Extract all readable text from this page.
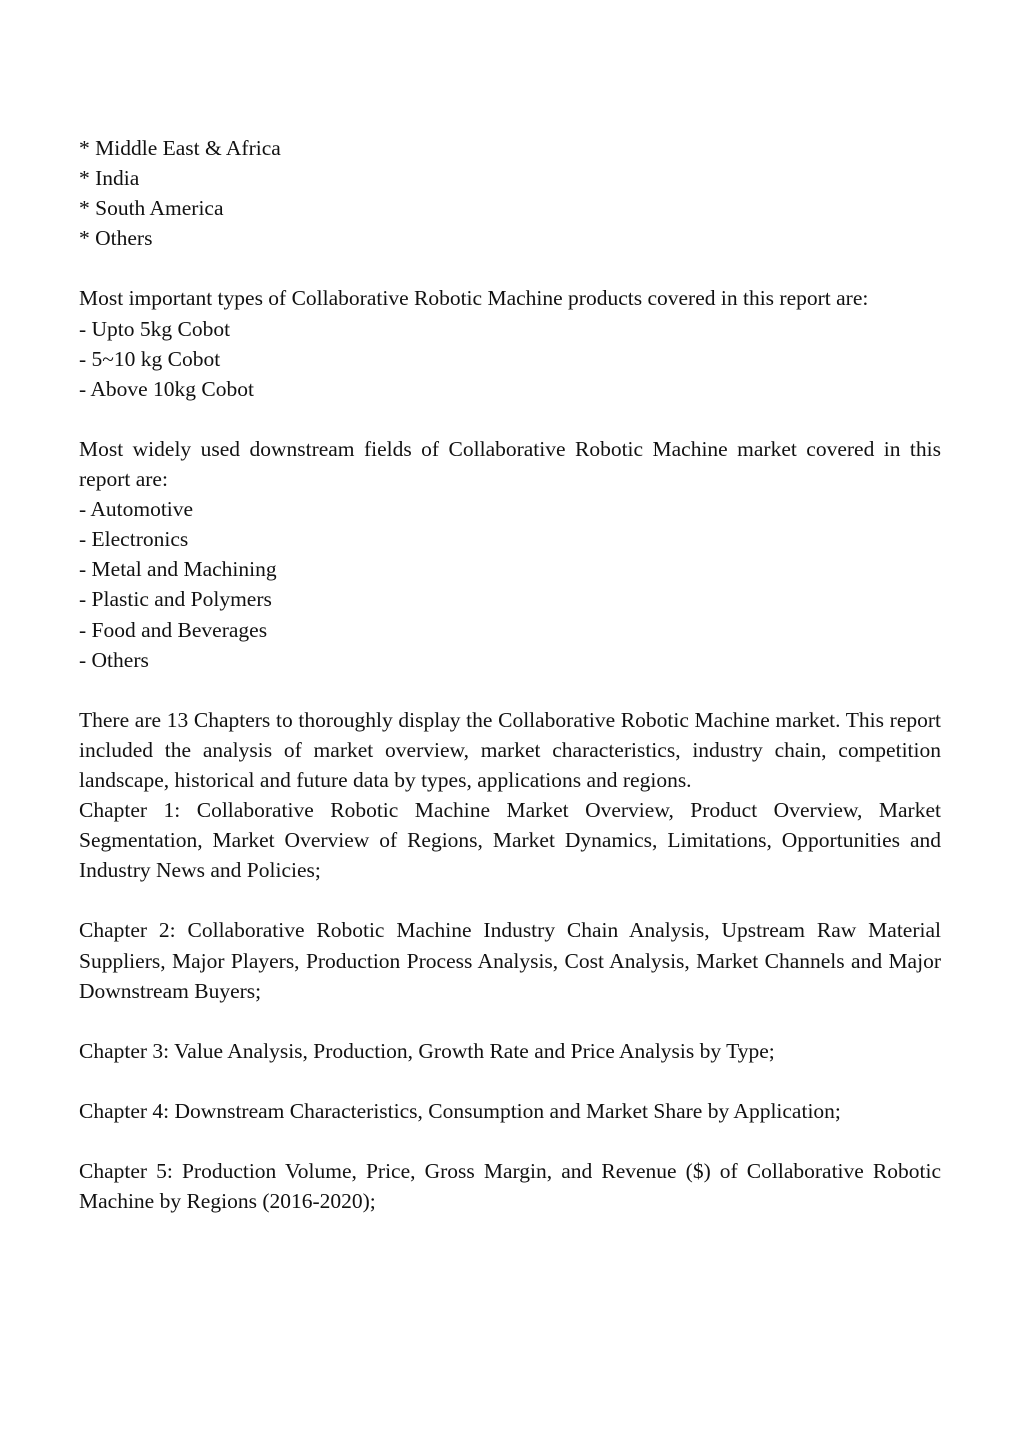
* Middle East & Africa
* India
* South America
* Others

Most important types of Collaborative Robotic Machine products covered in this report are:

- Upto 5kg Cobot
- 5~10 kg Cobot
- Above 10kg Cobot

Most widely used downstream fields of Collaborative Robotic Machine market covered in this report are:

- Automotive
- Electronics
- Metal and Machining
- Plastic and Polymers
- Food and Beverages
- Others

There are 13 Chapters to thoroughly display the Collaborative Robotic Machine market. This report included the analysis of market overview, market characteristics, industry chain, competition landscape, historical and future data by types, applications and regions.

Chapter 1: Collaborative Robotic Machine Market Overview, Product Overview, Market Segmentation, Market Overview of Regions, Market Dynamics, Limitations, Opportunities and Industry News and Policies;

Chapter 2: Collaborative Robotic Machine Industry Chain Analysis, Upstream Raw Material Suppliers, Major Players, Production Process Analysis, Cost Analysis, Market Channels and Major Downstream Buyers;

Chapter 3: Value Analysis, Production, Growth Rate and Price Analysis by Type;

Chapter 4: Downstream Characteristics, Consumption and Market Share by Application;

Chapter 5: Production Volume, Price, Gross Margin, and Revenue ($) of Collaborative Robotic Machine by Regions (2016-2020);
